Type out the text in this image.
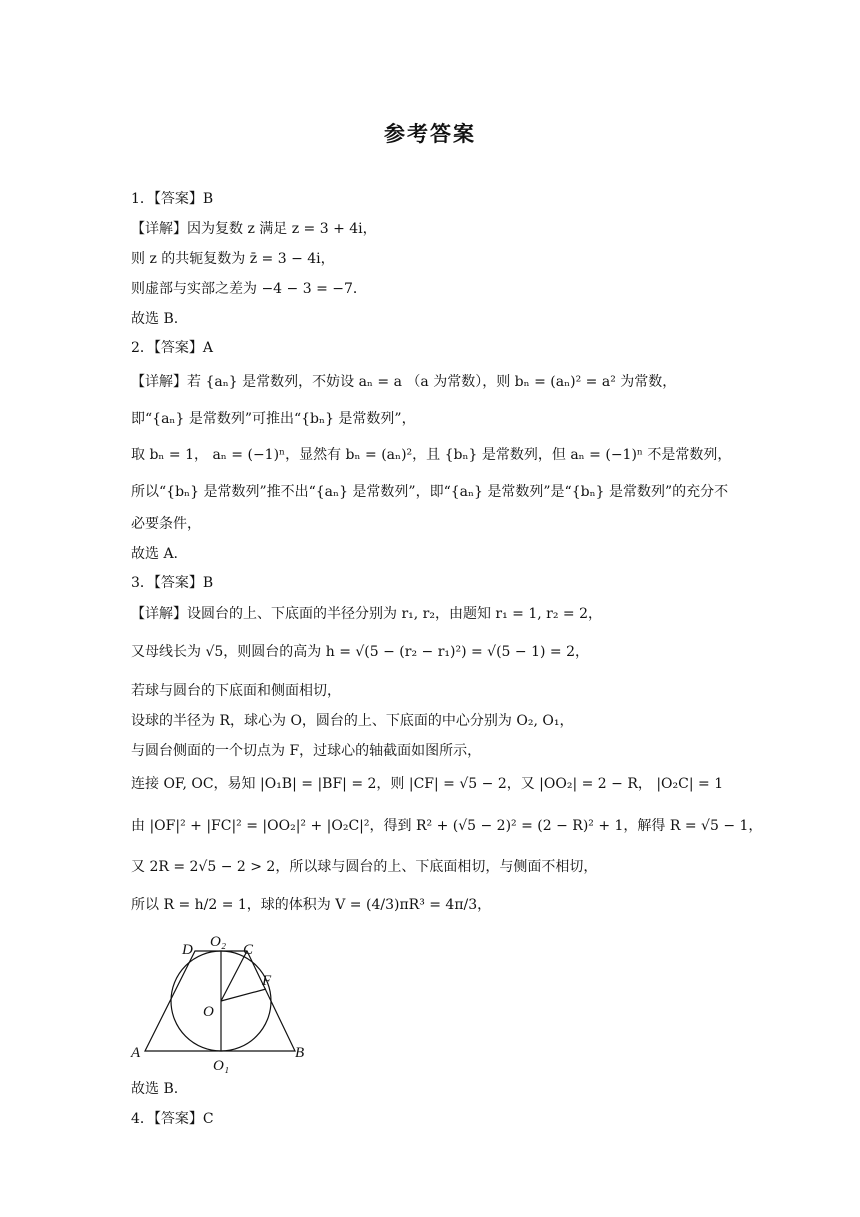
参考答案
1．【答案】B
【详解】因为复数 z 满足 z = 3 + 4i，
则 z 的共轭复数为 z̄ = 3 − 4i，
则虚部与实部之差为 −4 − 3 = −7．
故选 B.
2．【答案】A
【详解】若 {aₙ} 是常数列，不妨设 aₙ = a （a 为常数），则 bₙ = (aₙ)² = a² 为常数，
即“{aₙ} 是常数列”可推出“{bₙ} 是常数列”，
取 bₙ = 1， aₙ = (−1)ⁿ，显然有 bₙ = (aₙ)²，且 {bₙ} 是常数列，但 aₙ = (−1)ⁿ 不是常数列，
所以“{bₙ} 是常数列”推不出“{aₙ} 是常数列”，即“{aₙ} 是常数列”是“{bₙ} 是常数列”的充分不
必要条件，
故选 A.
3．【答案】B
【详解】设圆台的上、下底面的半径分别为 r₁, r₂，由题知 r₁ = 1, r₂ = 2，
又母线长为 √5，则圆台的高为 h = √(5 − (r₂ − r₁)²) = √(5 − 1) = 2，
若球与圆台的下底面和侧面相切，
设球的半径为 R，球心为 O，圆台的上、下底面的中心分别为 O₂, O₁，
与圆台侧面的一个切点为 F，过球心的轴截面如图所示，
连接 OF, OC，易知 |O₁B| = |BF| = 2，则 |CF| = √5 − 2，又 |OO₂| = 2 − R， |O₂C| = 1
由 |OF|² + |FC|² = |OO₂|² + |O₂C|²，得到 R² + (√5 − 2)² = (2 − R)² + 1，解得 R = √5 − 1，
又 2R = 2√5 − 2 > 2，所以球与圆台的上、下底面相切，与侧面不相切，
所以 R = h/2 = 1，球的体积为 V = (4/3)πR³ = 4π/3，
D O₂ C
F
O
A
O₁
B
故选 B.
4．【答案】C
